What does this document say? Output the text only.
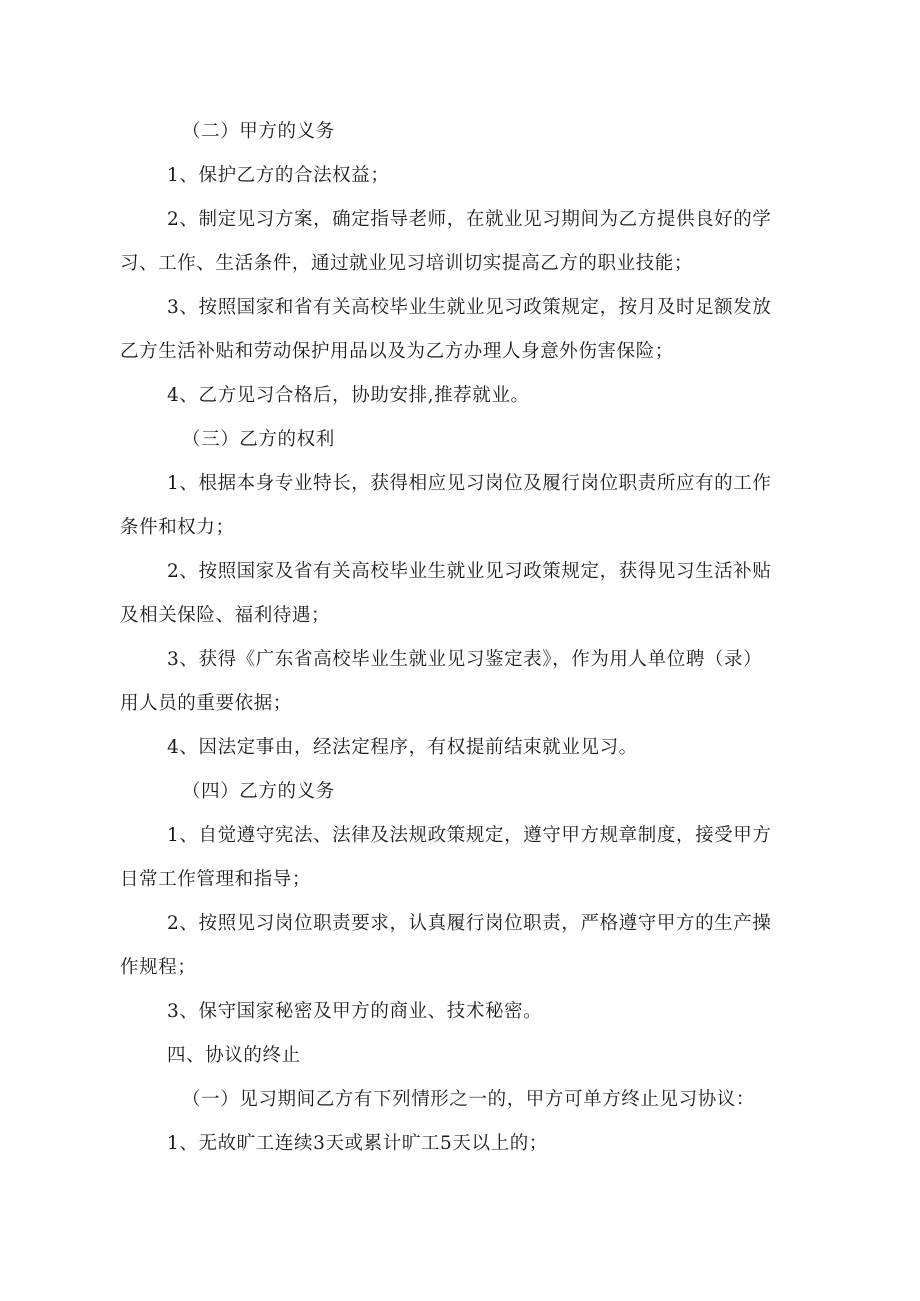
（二）甲方的义务
1、保护乙方的合法权益；
2、制定见习方案，确定指导老师，在就业见习期间为乙方提供良好的学
习、工作、生活条件，通过就业见习培训切实提高乙方的职业技能；
3、按照国家和省有关高校毕业生就业见习政策规定，按月及时足额发放
乙方生活补贴和劳动保护用品以及为乙方办理人身意外伤害保险；
4、乙方见习合格后，协助安排,推荐就业。
（三）乙方的权利
1、根据本身专业特长，获得相应见习岗位及履行岗位职责所应有的工作
条件和权力；
2、按照国家及省有关高校毕业生就业见习政策规定，获得见习生活补贴
及相关保险、福利待遇；
3、获得《广东省高校毕业生就业见习鉴定表》，作为用人单位聘（录）
用人员的重要依据；
4、因法定事由，经法定程序，有权提前结束就业见习。
（四）乙方的义务
1、自觉遵守宪法、法律及法规政策规定，遵守甲方规章制度，接受甲方
日常工作管理和指导；
2、按照见习岗位职责要求，认真履行岗位职责，严格遵守甲方的生产操
作规程；
3、保守国家秘密及甲方的商业、技术秘密。
四、协议的终止
（一）见习期间乙方有下列情形之一的，甲方可单方终止见习协议：
1、无故旷工连续3天或累计旷工5天以上的；
